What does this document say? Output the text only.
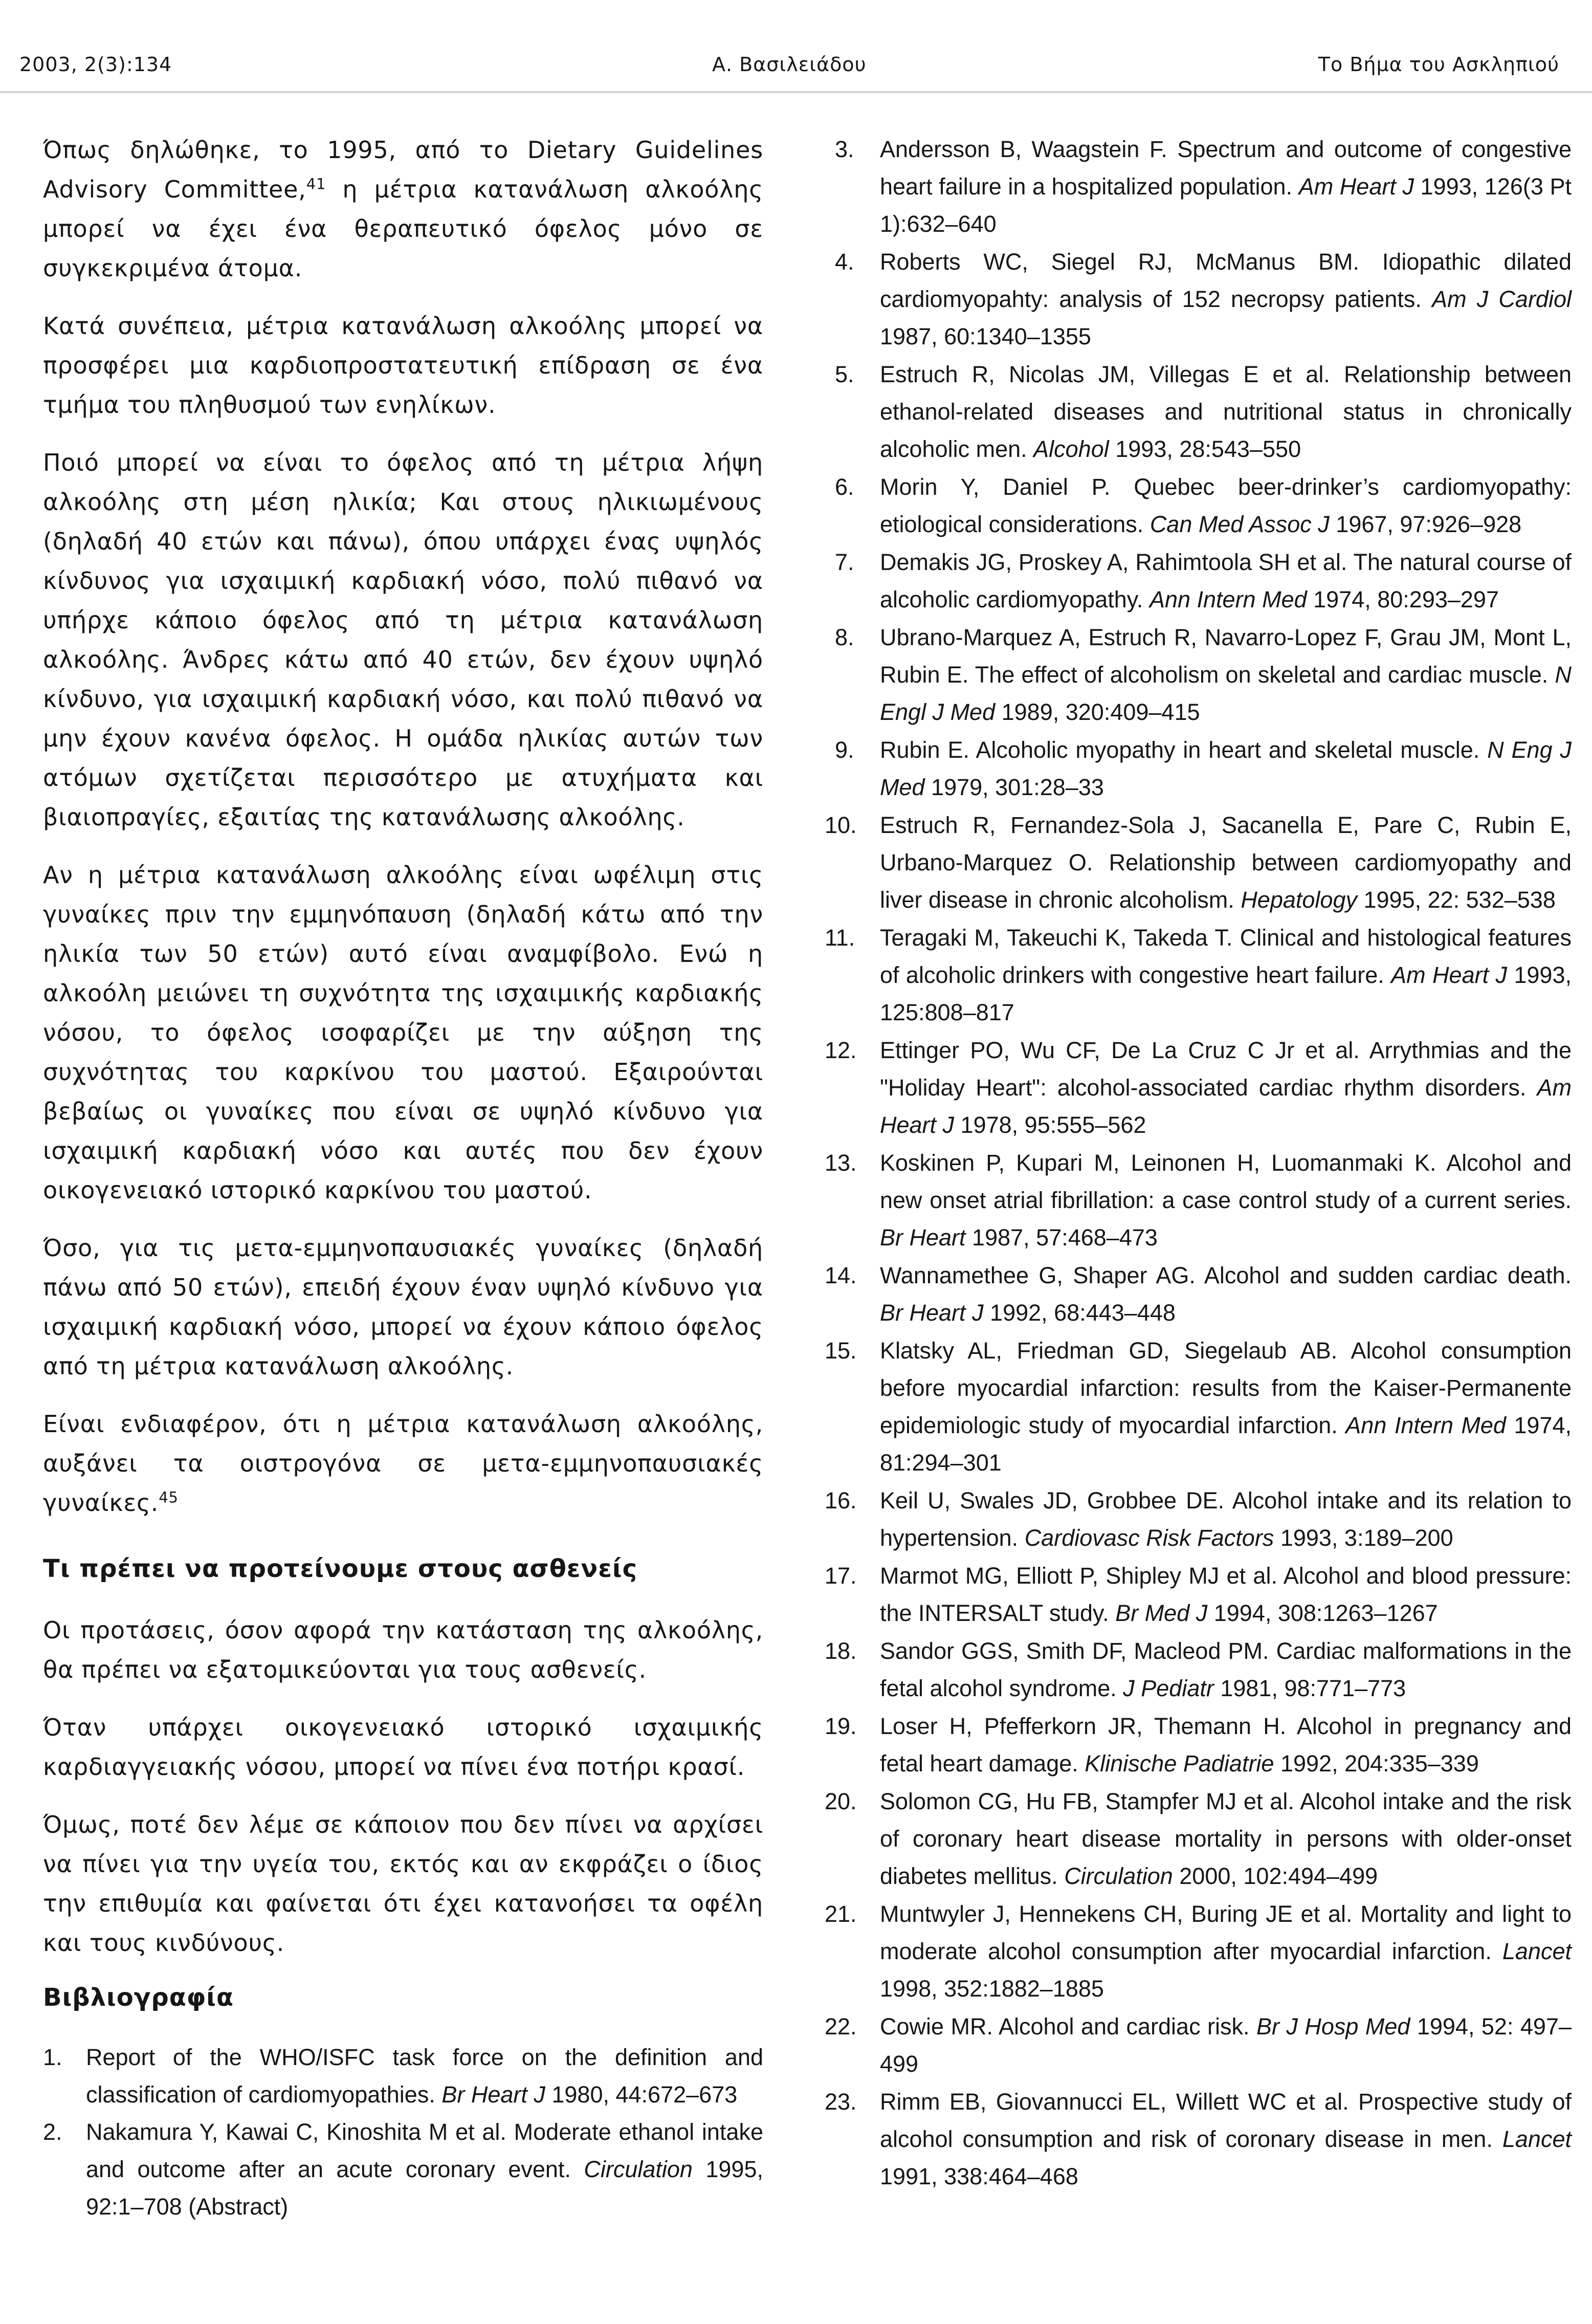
2003, 2(3):134	Α. Βασιλειάδου	Το Βήμα του Ασκληπιού

Όπως δηλώθηκε, το 1995, από το Dietary Guidelines Advisory Committee,$^{41}$ η μέτρια κατανάλωση αλκοόλης μπορεί να έχει ένα θεραπευτικό όφελος μόνο σε συγκεκριμένα άτομα.

Κατά συνέπεια, μέτρια κατανάλωση αλκοόλης μπορεί να προσφέρει μια καρδιοπροστατευτική επίδραση σε ένα τμήμα του πληθυσμού των ενηλίκων.

Ποιό μπορεί να είναι το όφελος από τη μέτρια λήψη αλκοόλης στη μέση ηλικία; Και στους ηλικιωμένους (δηλαδή 40 ετών και πάνω), όπου υπάρχει ένας υψηλός κίνδυνος για ισχαιμική καρδιακή νόσο, πολύ πιθανό να υπήρχε κάποιο όφελος από τη μέτρια κατανάλωση αλκοόλης. Άνδρες κάτω από 40 ετών, δεν έχουν υψηλό κίνδυνο, για ισχαιμική καρδιακή νόσο, και πολύ πιθανό να μην έχουν κανένα όφελος. Η ομάδα ηλικίας αυτών των ατόμων σχετίζεται περισσότερο με ατυχήματα και βιαιοπραγίες, εξαιτίας της κατανάλωσης αλκοόλης.

Αν η μέτρια κατανάλωση αλκοόλης είναι ωφέλιμη στις γυναίκες πριν την εμμηνόπαυση (δηλαδή κάτω από την ηλικία των 50 ετών) αυτό είναι αναμφίβολο. Ενώ η αλκοόλη μειώνει τη συχνότητα της ισχαιμικής καρδιακής νόσου, το όφελος ισοφαρίζει με την αύξηση της συχνότητας του καρκίνου του μαστού. Εξαιρούνται βεβαίως οι γυναίκες που είναι σε υψηλό κίνδυνο για ισχαιμική καρδιακή νόσο και αυτές που δεν έχουν οικογενειακό ιστορικό καρκίνου του μαστού.

Όσο, για τις μετα-εμμηνοπαυσιακές γυναίκες (δηλαδή πάνω από 50 ετών), επειδή έχουν έναν υψηλό κίνδυνο για ισχαιμική καρδιακή νόσο, μπορεί να έχουν κάποιο όφελος από τη μέτρια κατανάλωση αλκοόλης.

Είναι ενδιαφέρον, ότι η μέτρια κατανάλωση αλκοόλης, αυξάνει τα οιστρογόνα σε μετα-εμμηνοπαυσιακές γυναίκες.$^{45}$

Τι πρέπει να προτείνουμε στους ασθενείς

Οι προτάσεις, όσον αφορά την κατάσταση της αλκοόλης, θα πρέπει να εξατομικεύονται για τους ασθενείς.

Όταν υπάρχει οικογενειακό ιστορικό ισχαιμικής καρδιαγγειακής νόσου, μπορεί να πίνει ένα ποτήρι κρασί.

Όμως, ποτέ δεν λέμε σε κάποιον που δεν πίνει να αρχίσει να πίνει για την υγεία του, εκτός και αν εκφράζει ο ίδιος την επιθυμία και φαίνεται ότι έχει κατανοήσει τα οφέλη και τους κινδύνους.

Βιβλιογραφία
1. Report of the WHO/ISFC task force on the definition and classification of cardiomyopathies. Br Heart J 1980, 44:672–673
2. Nakamura Y, Kawai C, Kinoshita M et al. Moderate ethanol intake and outcome after an acute coronary event. Circulation 1995, 92:1–708 (Abstract)
3. Andersson B, Waagstein F. Spectrum and outcome of congestive heart failure in a hospitalized population. Am Heart J 1993, 126(3 Pt 1):632–640
4. Roberts WC, Siegel RJ, McManus BM. Idiopathic dilated cardiomyopahty: analysis of 152 necropsy patients. Am J Cardiol 1987, 60:1340–1355
5. Estruch R, Nicolas JM, Villegas E et al. Relationship between ethanol-related diseases and nutritional status in chronically alcoholic men. Alcohol 1993, 28:543–550
6. Morin Y, Daniel P. Quebec beer-drinker’s cardiomyopathy: etiological considerations. Can Med Assoc J 1967, 97:926–928
7. Demakis JG, Proskey A, Rahimtoola SH et al. The natural course of alcoholic cardiomyopathy. Ann Intern Med 1974, 80:293–297
8. Ubrano-Marquez A, Estruch R, Navarro-Lopez F, Grau JM, Mont L, Rubin E. The effect of alcoholism on skeletal and cardiac muscle. N Engl J Med 1989, 320:409–415
9. Rubin E. Alcoholic myopathy in heart and skeletal muscle. N Eng J Med 1979, 301:28–33
10. Estruch R, Fernandez-Sola J, Sacanella E, Pare C, Rubin E, Urbano-Marquez O. Relationship between cardiomyopathy and liver disease in chronic alcoholism. Hepatology 1995, 22: 532–538
11. Teragaki M, Takeuchi K, Takeda T. Clinical and histological features of alcoholic drinkers with congestive heart failure. Am Heart J 1993, 125:808–817
12. Ettinger PO, Wu CF, De La Cruz C Jr et al. Arrythmias and the "Holiday Heart": alcohol-associated cardiac rhythm disorders. Am Heart J 1978, 95:555–562
13. Koskinen P, Kupari M, Leinonen H, Luomanmaki K. Alcohol and new onset atrial fibrillation: a case control study of a current series. Br Heart 1987, 57:468–473
14. Wannamethee G, Shaper AG. Alcohol and sudden cardiac death. Br Heart J 1992, 68:443–448
15. Klatsky AL, Friedman GD, Siegelaub AB. Alcohol consumption before myocardial infarction: results from the Kaiser-Permanente epidemiologic study of myocardial infarction. Ann Intern Med 1974, 81:294–301
16. Keil U, Swales JD, Grobbee DE. Alcohol intake and its relation to hypertension. Cardiovasc Risk Factors 1993, 3:189–200
17. Marmot MG, Elliott P, Shipley MJ et al. Alcohol and blood pressure: the INTERSALT study. Br Med J 1994, 308:1263–1267
18. Sandor GGS, Smith DF, Macleod PM. Cardiac malformations in the fetal alcohol syndrome. J Pediatr 1981, 98:771–773
19. Loser H, Pfefferkorn JR, Themann H. Alcohol in pregnancy and fetal heart damage. Klinische Padiatrie 1992, 204:335–339
20. Solomon CG, Hu FB, Stampfer MJ et al. Alcohol intake and the risk of coronary heart disease mortality in persons with older-onset diabetes mellitus. Circulation 2000, 102:494–499
21. Muntwyler J, Hennekens CH, Buring JE et al. Mortality and light to moderate alcohol consumption after myocardial infarction. Lancet 1998, 352:1882–1885
22. Cowie MR. Alcohol and cardiac risk. Br J Hosp Med 1994, 52: 497–499
23. Rimm EB, Giovannucci EL, Willett WC et al. Prospective study of alcohol consumption and risk of coronary disease in men. Lancet 1991, 338:464–468
